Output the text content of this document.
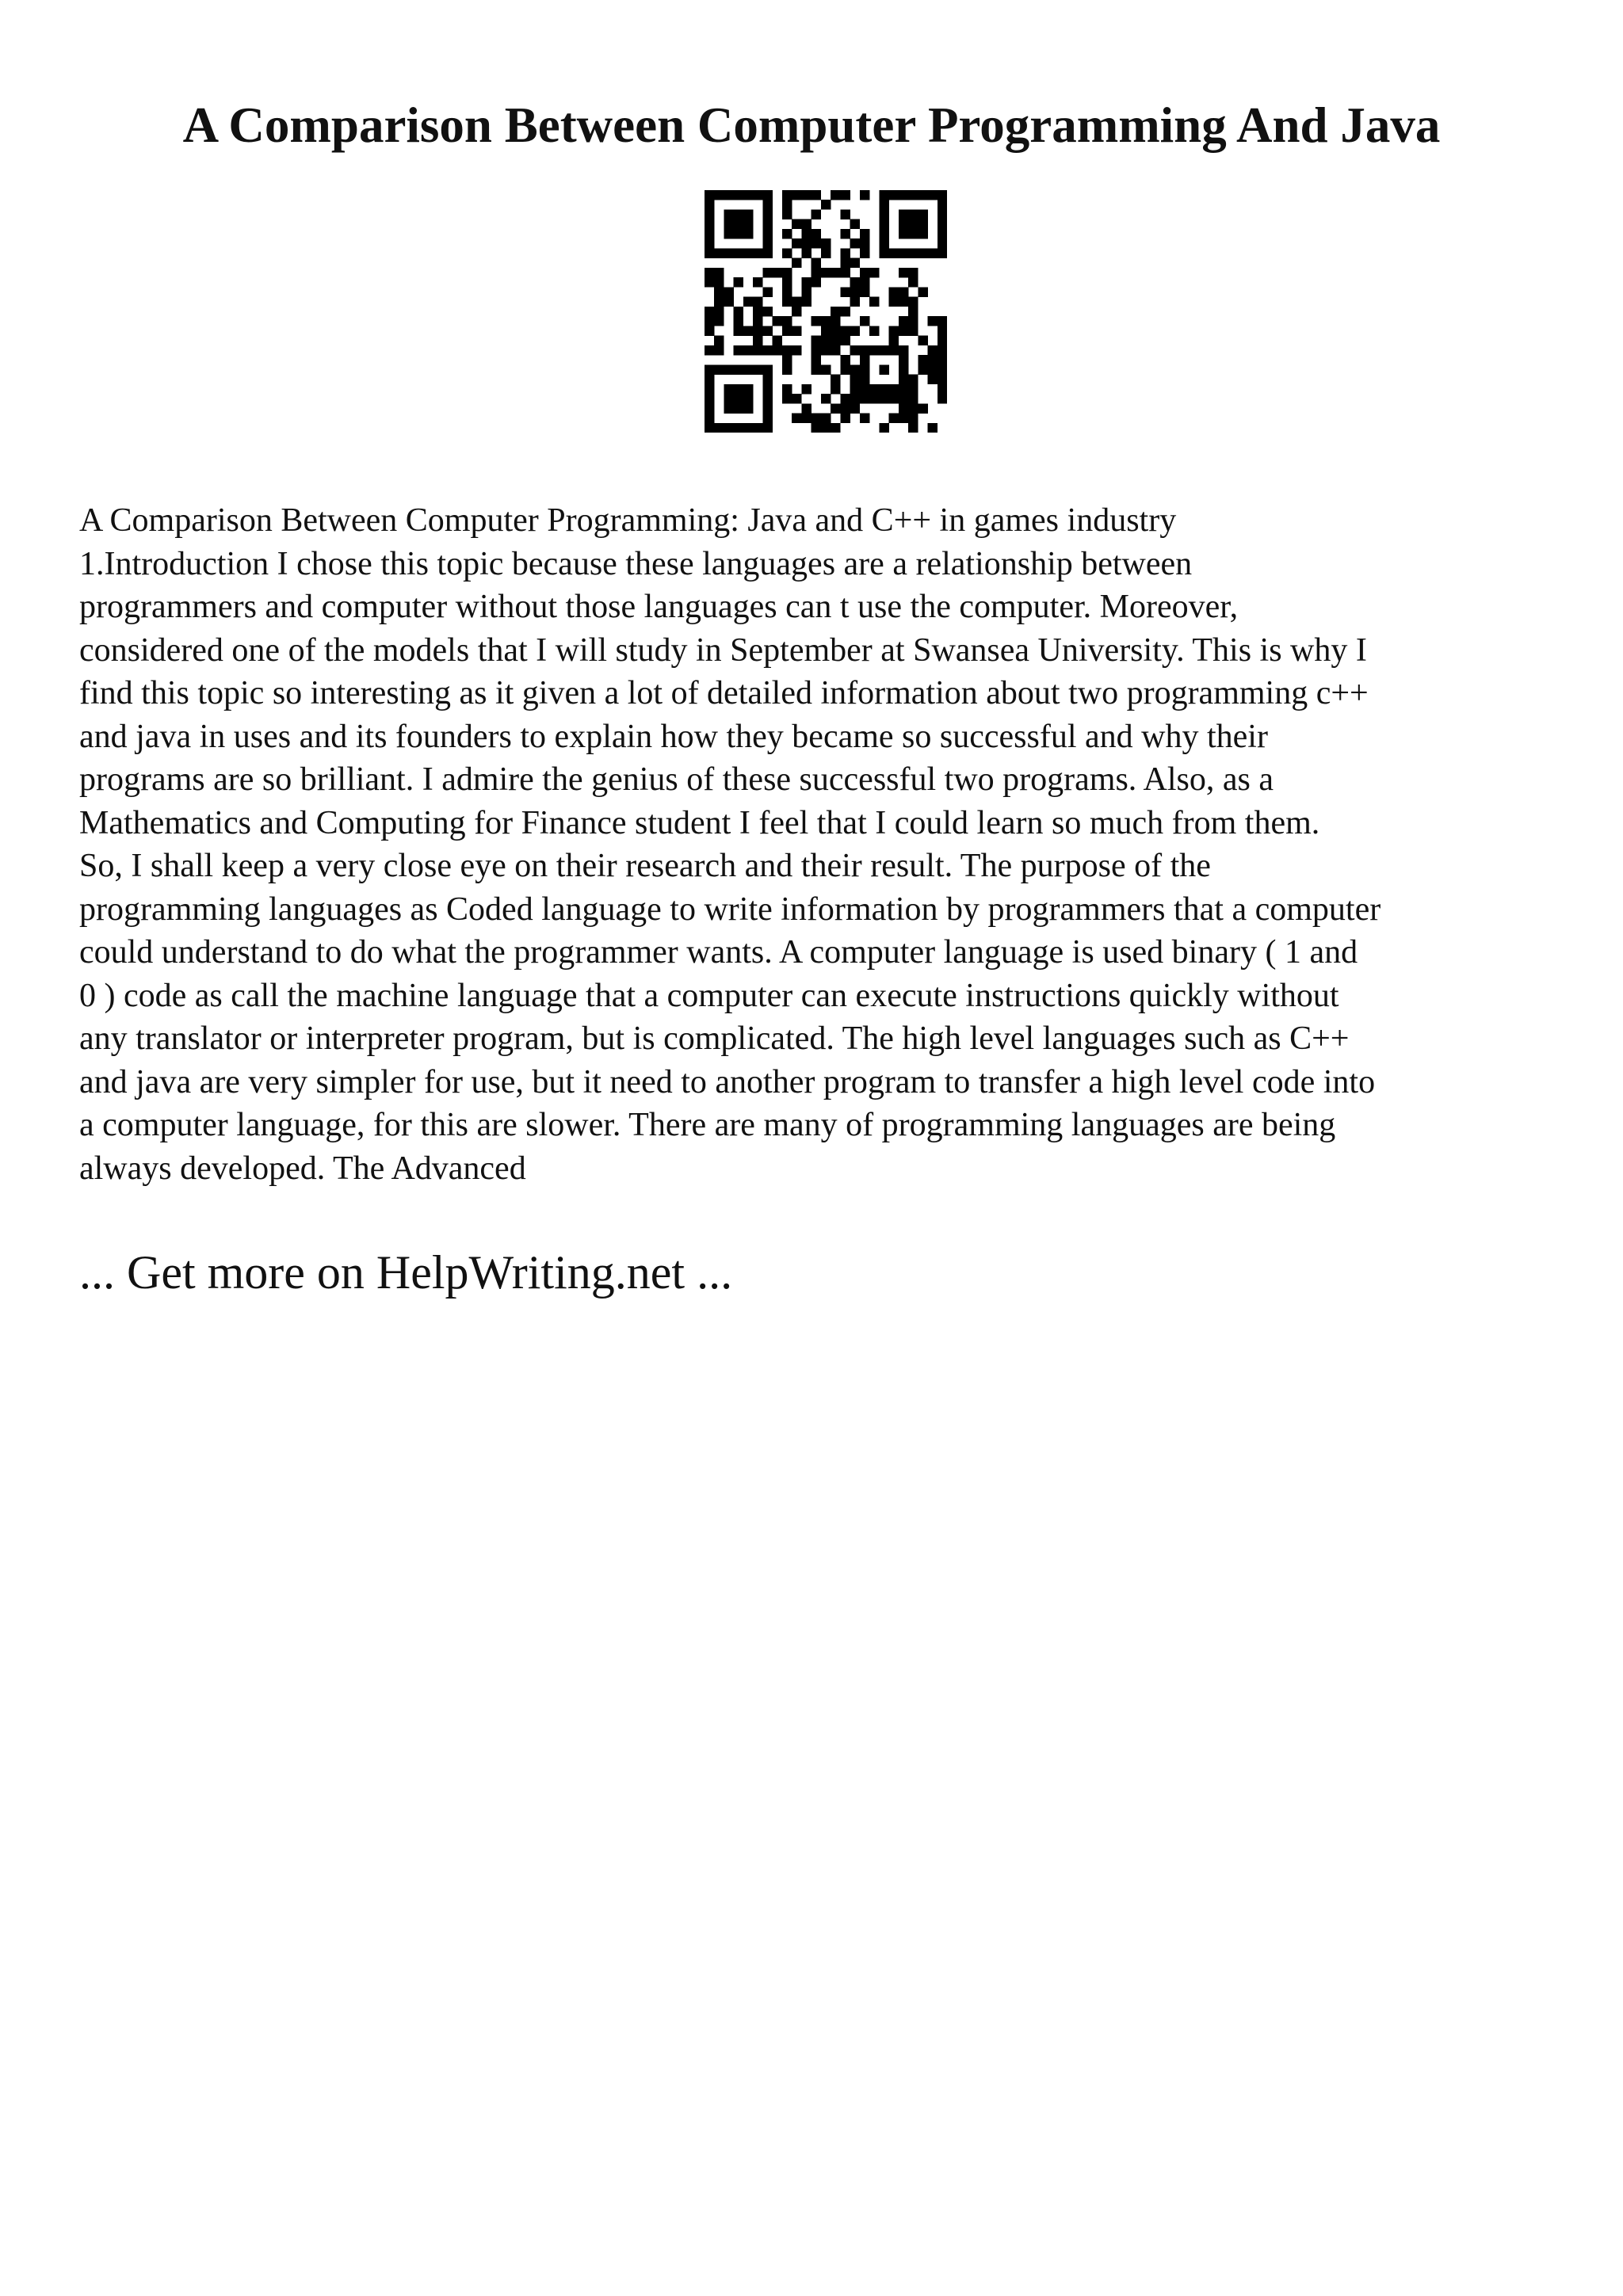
A Comparison Between Computer Programming And Java
A Comparison Between Computer Programming: Java and C++ in games industry
1.Introduction I chose this topic because these languages are a relationship between
programmers and computer without those languages can t use the computer. Moreover,
considered one of the models that I will study in September at Swansea University. This is why I
find this topic so interesting as it given a lot of detailed information about two programming c++
and java in uses and its founders to explain how they became so successful and why their
programs are so brilliant. I admire the genius of these successful two programs. Also, as a
Mathematics and Computing for Finance student I feel that I could learn so much from them.
So, I shall keep a very close eye on their research and their result. The purpose of the
programming languages as Coded language to write information by programmers that a computer
could understand to do what the programmer wants. A computer language is used binary ( 1 and
0 ) code as call the machine language that a computer can execute instructions quickly without
any translator or interpreter program, but is complicated. The high level languages such as C++
and java are very simpler for use, but it need to another program to transfer a high level code into
a computer language, for this are slower. There are many of programming languages are being
always developed. The Advanced
... Get more on HelpWriting.net ...
